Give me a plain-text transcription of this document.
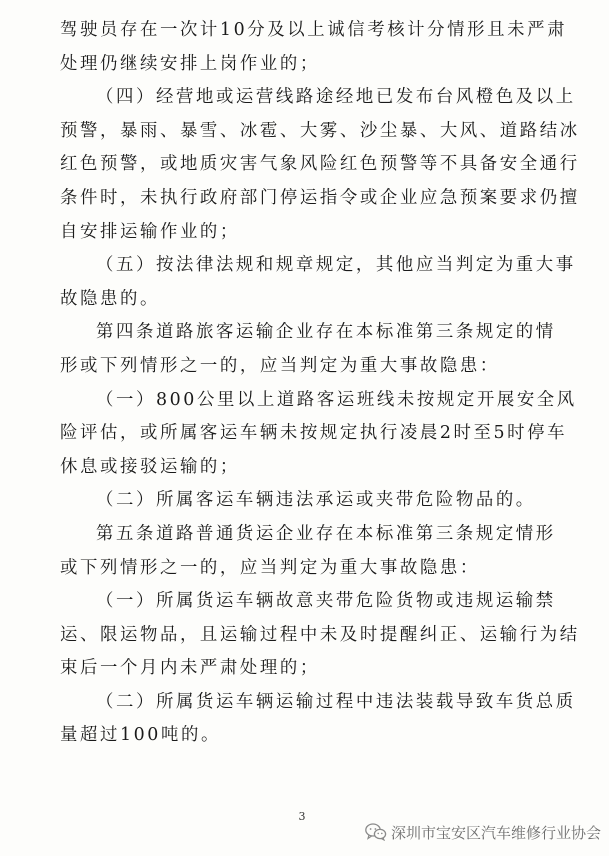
驾驶员存在一次计10分及以上诚信考核计分情形且未严肃
处理仍继续安排上岗作业的；
（四）经营地或运营线路途经地已发布台风橙色及以上
预警，暴雨、暴雪、冰雹、大雾、沙尘暴、大风、道路结冰
红色预警，或地质灾害气象风险红色预警等不具备安全通行
条件时，未执行政府部门停运指令或企业应急预案要求仍擅
自安排运输作业的；
（五）按法律法规和规章规定，其他应当判定为重大事
故隐患的。
第四条道路旅客运输企业存在本标准第三条规定的情
形或下列情形之一的，应当判定为重大事故隐患：
（一）800公里以上道路客运班线未按规定开展安全风
险评估，或所属客运车辆未按规定执行凌晨2时至5时停车
休息或接驳运输的；
（二）所属客运车辆违法承运或夹带危险物品的。
第五条道路普通货运企业存在本标准第三条规定情形
或下列情形之一的，应当判定为重大事故隐患：
（一）所属货运车辆故意夹带危险货物或违规运输禁
运、限运物品，且运输过程中未及时提醒纠正、运输行为结
束后一个月内未严肃处理的；
（二）所属货运车辆运输过程中违法装载导致车货总质
量超过100吨的。
3
深圳市宝安区汽车维修行业协会
